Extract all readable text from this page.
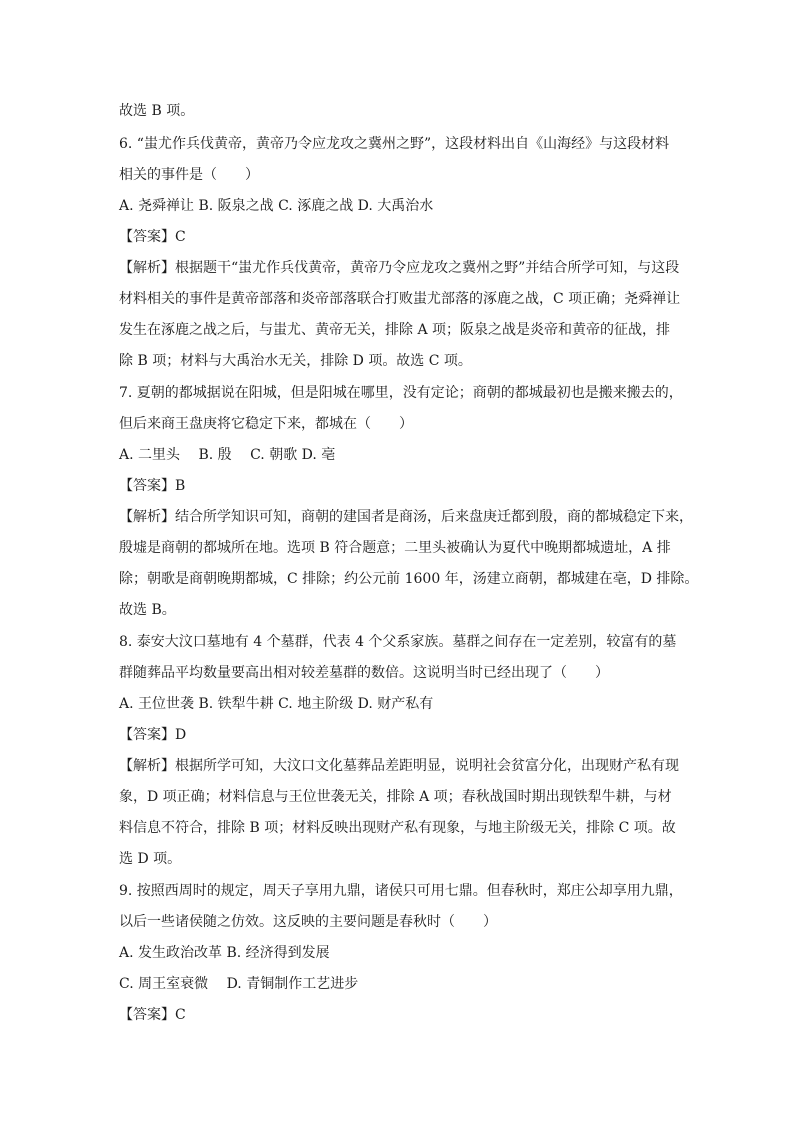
故选 B 项。
6. “蚩尤作兵伐黄帝，黄帝乃令应龙攻之冀州之野”，这段材料出自《山海经》与这段材料
相关的事件是（　　）
A. 尧舜禅让 B. 阪泉之战 C. 涿鹿之战 D. 大禹治水
【答案】C
【解析】根据题干“蚩尤作兵伐黄帝，黄帝乃令应龙攻之冀州之野”并结合所学可知，与这段
材料相关的事件是黄帝部落和炎帝部落联合打败蚩尤部落的涿鹿之战，C 项正确；尧舜禅让
发生在涿鹿之战之后，与蚩尤、黄帝无关，排除 A 项；阪泉之战是炎帝和黄帝的征战，排
除 B 项；材料与大禹治水无关，排除 D 项。故选 C 项。
7. 夏朝的都城据说在阳城，但是阳城在哪里，没有定论；商朝的都城最初也是搬来搬去的，
但后来商王盘庚将它稳定下来，都城在（　　）
A. 二里头　 B. 殷　 C. 朝歌 D. 亳
【答案】B
【解析】结合所学知识可知，商朝的建国者是商汤，后来盘庚迁都到殷，商的都城稳定下来，
殷墟是商朝的都城所在地。选项 B 符合题意；二里头被确认为夏代中晚期都城遗址，A 排
除；朝歌是商朝晚期都城，C 排除；约公元前 1600 年，汤建立商朝，都城建在亳，D 排除。
故选 B。
8. 泰安大汶口墓地有 4 个墓群，代表 4 个父系家族。墓群之间存在一定差别，较富有的墓
群随葬品平均数量要高出相对较差墓群的数倍。这说明当时已经出现了（　　）
A. 王位世袭 B. 铁犁牛耕 C. 地主阶级 D. 财产私有
【答案】D
【解析】根据所学可知，大汶口文化墓葬品差距明显，说明社会贫富分化，出现财产私有现
象，D 项正确；材料信息与王位世袭无关，排除 A 项；春秋战国时期出现铁犁牛耕，与材
料信息不符合，排除 B 项；材料反映出现财产私有现象，与地主阶级无关，排除 C 项。故
选 D 项。
9. 按照西周时的规定，周天子享用九鼎，诸侯只可用七鼎。但春秋时，郑庄公却享用九鼎，
以后一些诸侯随之仿效。这反映的主要问题是春秋时（　　）
A. 发生政治改革 B. 经济得到发展
C. 周王室衰微 　D. 青铜制作工艺进步
【答案】C
